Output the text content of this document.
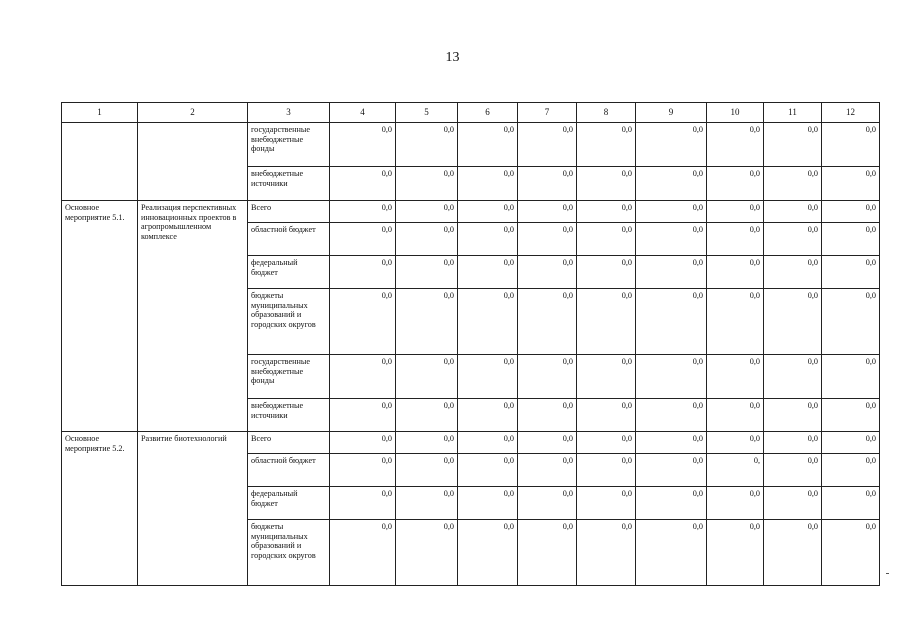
13
1	2	3	4	5	6	7	8	9	10	11	12
		государственные внебюджетные фонды	0,0	0,0	0,0	0,0	0,0	0,0	0,0	0,0	0,0
		внебюджетные источники	0,0	0,0	0,0	0,0	0,0	0,0	0,0	0,0	0,0
Основное мероприятие 5.1.	Реализация перспективных инновационных проектов в агропромышленном комплексе	Всего	0,0	0,0	0,0	0,0	0,0	0,0	0,0	0,0	0,0
		областной бюджет	0,0	0,0	0,0	0,0	0,0	0,0	0,0	0,0	0,0
		федеральный бюджет	0,0	0,0	0,0	0,0	0,0	0,0	0,0	0,0	0,0
		бюджеты муниципальных образований и городских округов	0,0	0,0	0,0	0,0	0,0	0,0	0,0	0,0	0,0
		государственные внебюджетные фонды	0,0	0,0	0,0	0,0	0,0	0,0	0,0	0,0	0,0
		внебюджетные источники	0,0	0,0	0,0	0,0	0,0	0,0	0,0	0,0	0,0
Основное мероприятие 5.2.	Развитие биотехнологий	Всего	0,0	0,0	0,0	0,0	0,0	0,0	0,0	0,0	0,0
		областной бюджет	0,0	0,0	0,0	0,0	0,0	0,0	0,	0,0	0,0
		федеральный бюджет	0,0	0,0	0,0	0,0	0,0	0,0	0,0	0,0	0,0
		бюджеты муниципальных образований и городских округов	0,0	0,0	0,0	0,0	0,0	0,0	0,0	0,0	0,0
